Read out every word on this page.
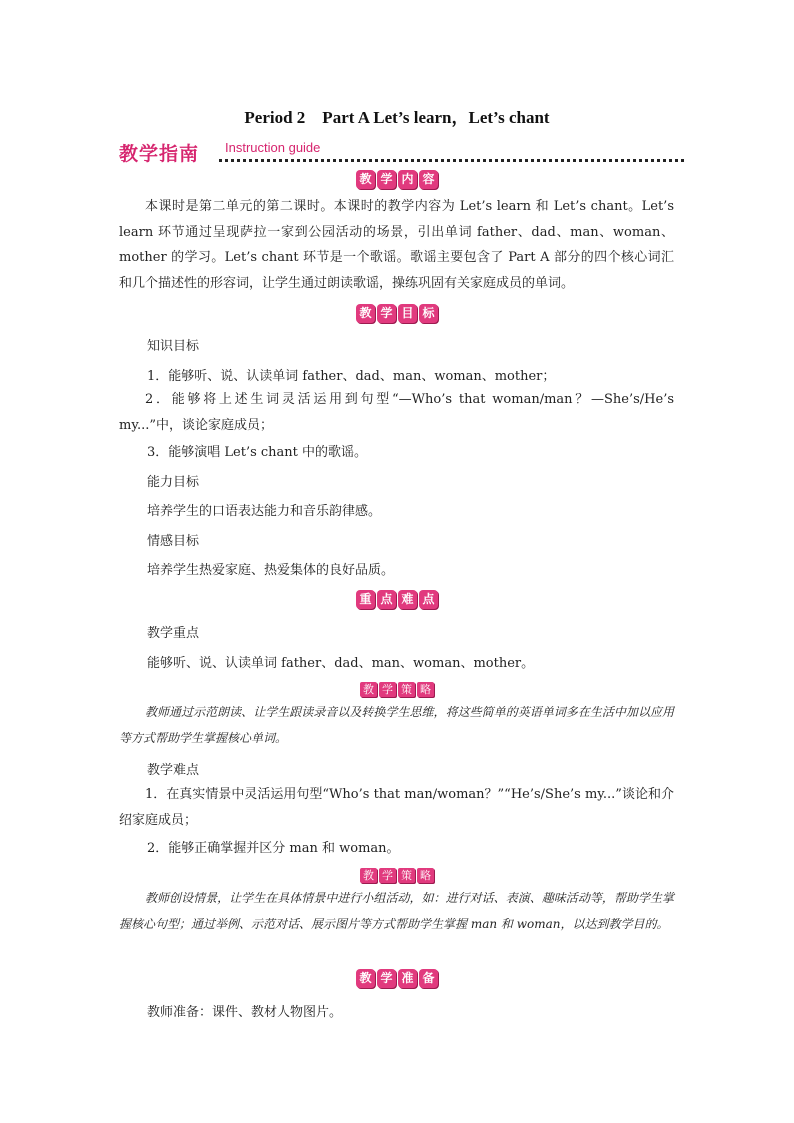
Period 2　Part A Let’s learn，Let’s chant
教学指南 Instruction guide
教 学 内 容
本课时是第二单元的第二课时。本课时的教学内容为 Let’s learn 和 Let’s chant。Let’s learn 环节通过呈现萨拉一家到公园活动的场景，引出单词 father、dad、man、woman、mother 的学习。Let’s chant 环节是一个歌谣。歌谣主要包含了 Part A 部分的四个核心词汇和几个描述性的形容词，让学生通过朗读歌谣，操练巩固有关家庭成员的单词。
教 学 目 标
知识目标
1．能够听、说、认读单词 father、dad、man、woman、mother；
2．能够将上述生词灵活运用到句型“—Who’s that woman/man？—She’s/He’s my...”中，谈论家庭成员；
3．能够演唱 Let’s chant 中的歌谣。
能力目标
培养学生的口语表达能力和音乐韵律感。
情感目标
培养学生热爱家庭、热爱集体的良好品质。
重 点 难 点
教学重点
能够听、说、认读单词 father、dad、man、woman、mother。
教 学 策 略
教师通过示范朗读、让学生跟读录音以及转换学生思维，将这些简单的英语单词多在生活中加以应用等方式帮助学生掌握核心单词。
教学难点
1．在真实情景中灵活运用句型“Who’s that man/woman？”“He’s/She’s my...”谈论和介绍家庭成员；
2．能够正确掌握并区分 man 和 woman。
教 学 策 略
教师创设情景，让学生在具体情景中进行小组活动，如：进行对话、表演、趣味活动等，帮助学生掌握核心句型；通过举例、示范对话、展示图片等方式帮助学生掌握 man 和 woman，以达到教学目的。
教 学 准 备
教师准备：课件、教材人物图片。
